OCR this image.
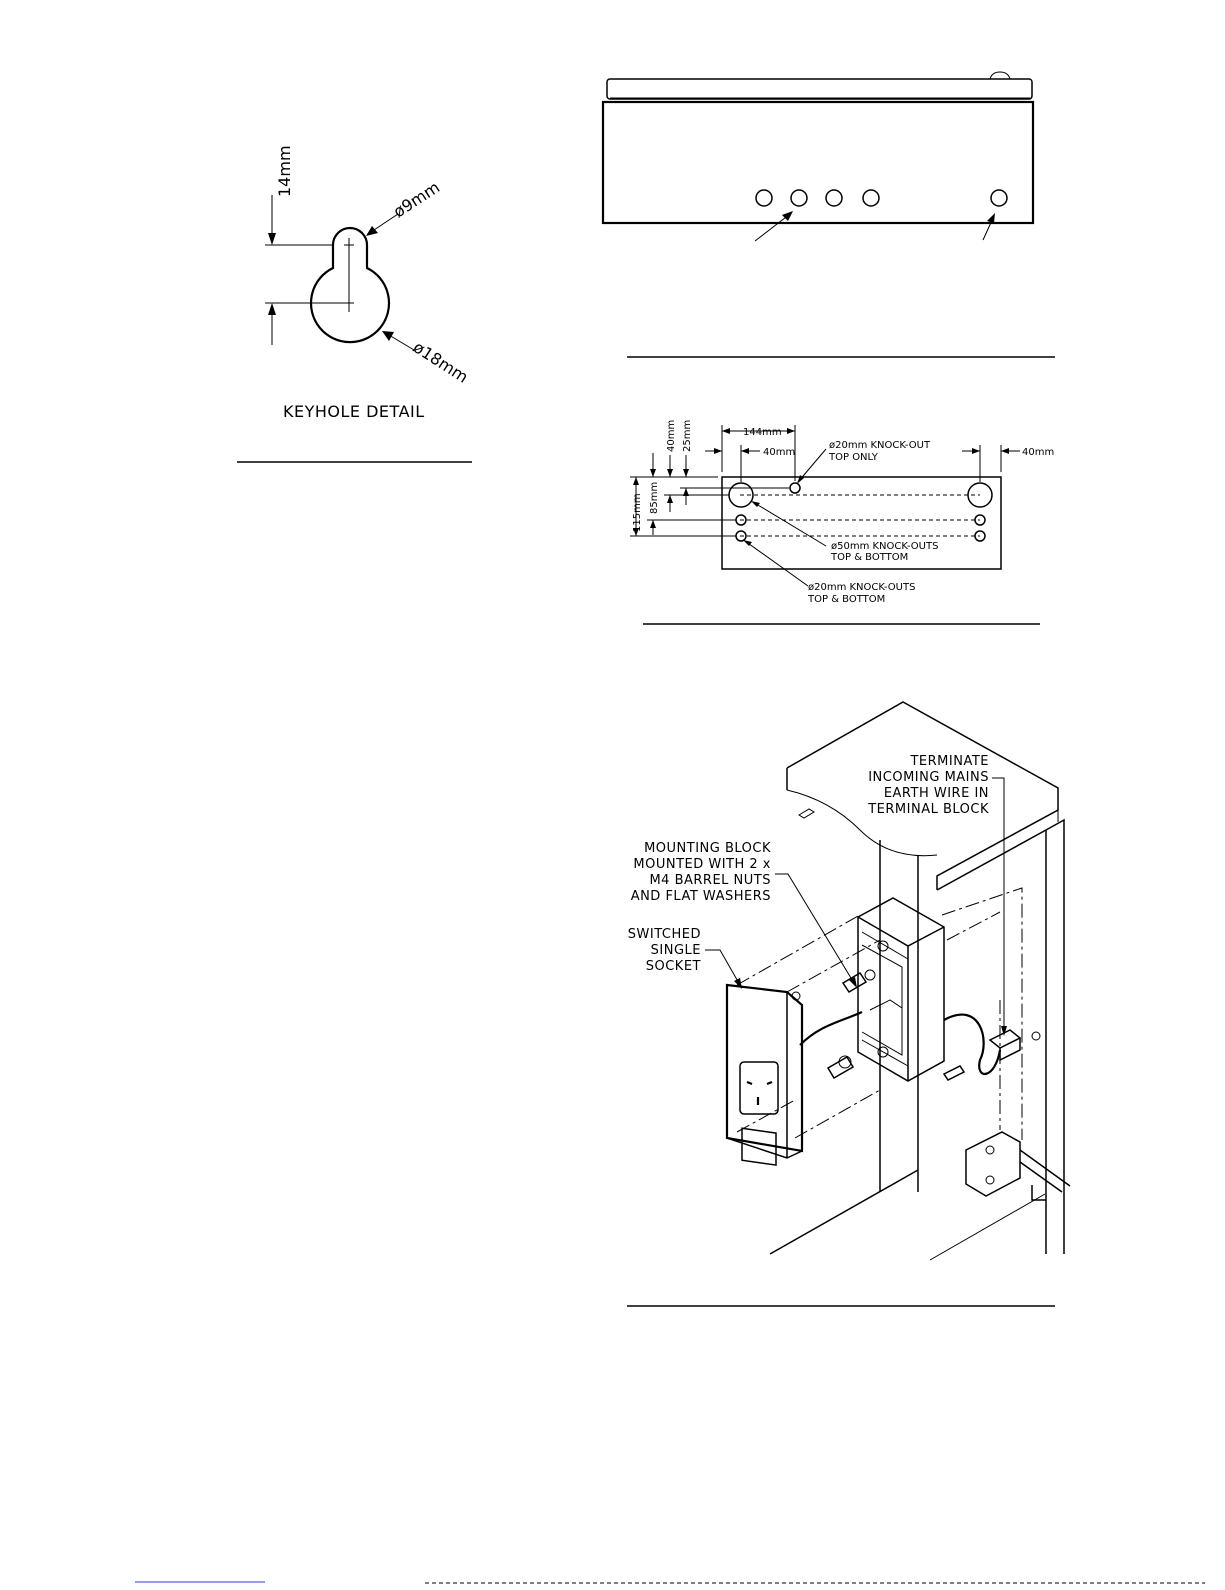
14mm
ø9mm
ø18mm
KEYHOLE DETAIL
144mm
40mm	40mm
115mm 85mm
40mm 25mm	ø20mm KNOCK-OUT
TOP ONLY
ø50mm KNOCK-OUTS
TOP & BOTTOM
ø20mm KNOCK-OUTS
TOP & BOTTOM
TERMINATE
INCOMING MAINS
EARTH WIRE IN
TERMINAL BLOCK
MOUNTING BLOCK
MOUNTED WITH 2 x
M4 BARREL NUTS
AND FLAT WASHERS
SWITCHED
SINGLE
SOCKET
